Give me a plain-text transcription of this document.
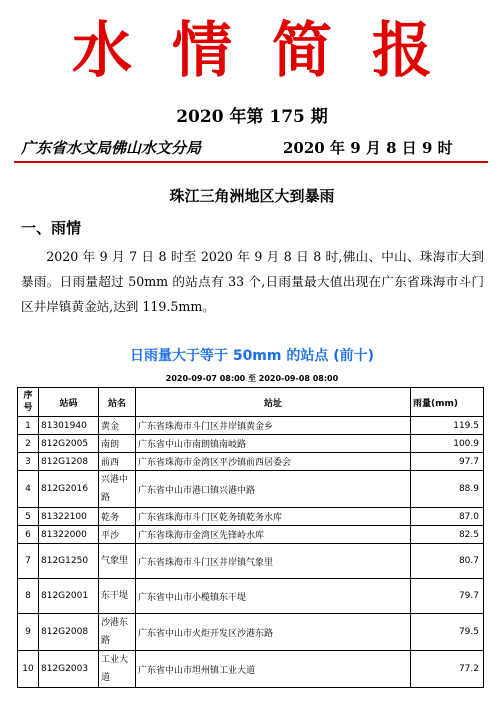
水情简报
2020 年第 175 期
广东省水文局佛山水文分局	2020 年 9 月 8 日 9 时
珠江三角洲地区大到暴雨
一、雨情
2020 年 9 月 7 日 8 时至 2020 年 9 月 8 日 8 时,佛山、中山、珠海市大到暴雨。日雨量超过 50mm 的站点有 33 个,日雨量最大值出现在广东省珠海市斗门区井岸镇黄金站,达到 119.5mm。
日雨量大于等于 50mm 的站点 (前十)
2020-09-07 08:00 至 2020-09-08 08:00
序号	站码	站名	站址	雨量(mm)
1	81301940	黄金	广东省珠海市斗门区井岸镇黄金乡	119.5
2	812G2005	南朗	广东省中山市南朗镇南岐路	100.9
3	812G1208	前西	广东省珠海市金湾区平沙镇前西居委会	97.7
4	812G2016	兴港中路	广东省中山市港口镇兴港中路	88.9
5	81322100	乾务	广东省珠海市斗门区乾务镇乾务水库	87.0
6	81322000	平沙	广东省珠海市金湾区先锋岭水库	82.5
7	812G1250	气象里	广东省珠海市斗门区井岸镇气象里	80.7
8	812G2001	东干堤	广东省中山市小榄镇东干堤	79.7
9	812G2008	沙港东路	广东省中山市火炬开发区沙港东路	79.5
10	812G2003	工业大道	广东省中山市坦州镇工业大道	77.2
